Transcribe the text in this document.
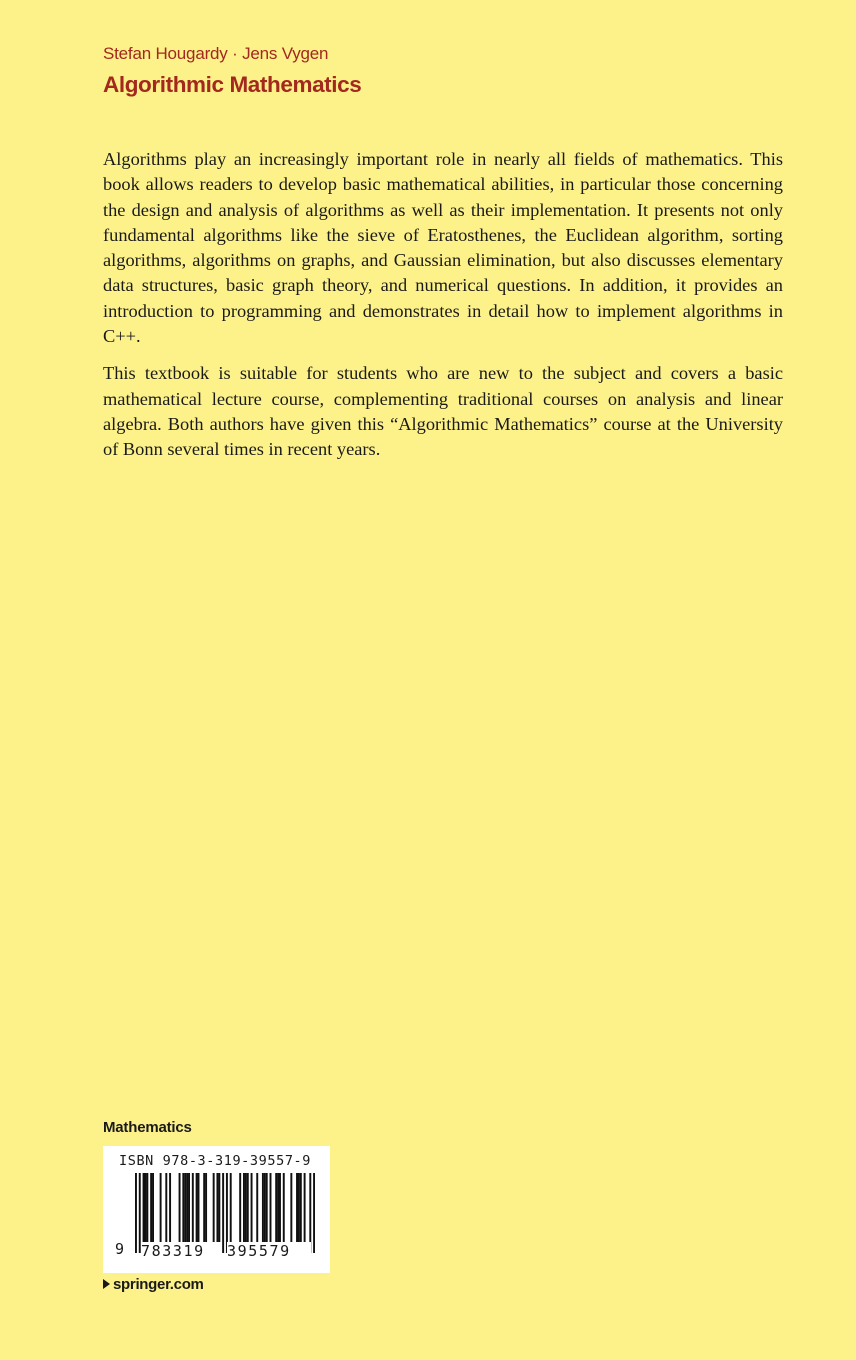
Stefan Hougardy · Jens Vygen
Algorithmic Mathematics

Algorithms play an increasingly important role in nearly all fields of mathematics. This book allows readers to develop basic mathematical abilities, in particular those concerning the design and analysis of algorithms as well as their implementation. It presents not only fundamental algorithms like the sieve of Eratosthenes, the Euclidean algorithm, sorting algorithms, algorithms on graphs, and Gaussian elimination, but also discusses elementary data structures, basic graph theory, and numerical questions. In addition, it provides an introduction to programming and demonstrates in detail how to implement algorithms in C++.

This textbook is suitable for students who are new to the subject and covers a basic mathematical lecture course, complementing traditional courses on analysis and linear algebra. Both authors have given this “Algorithmic Mathematics” course at the University of Bonn several times in recent years.

Mathematics
ISBN 978-3-319-39557-9
9 783319	395579
springer.com
